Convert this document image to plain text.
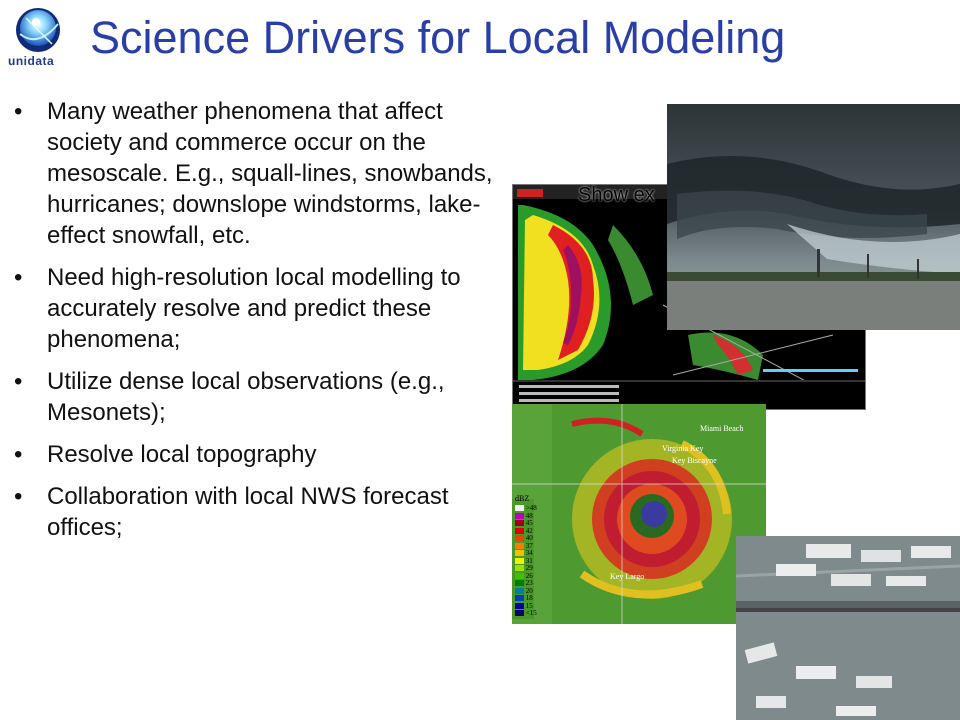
unidata Science Drivers for Local Modeling
• Many weather phenomena that affect society and commerce occur on the mesoscale. E.g., squall-lines, snowbands, hurricanes; downslope windstorms, lake-effect snowfall, etc.
• Need high-resolution local modelling to accurately resolve and predict these phenomena;
• Utilize dense local observations (e.g., Mesonets);
• Resolve local topography
• Collaboration with local NWS forecast offices;
Show ex
dBZ
>48
48
45
42
40
37
34
31
29
26
23
20
18
15
<15
Miami Beach
Virginia Key
Key Biscayne
Key Largo
